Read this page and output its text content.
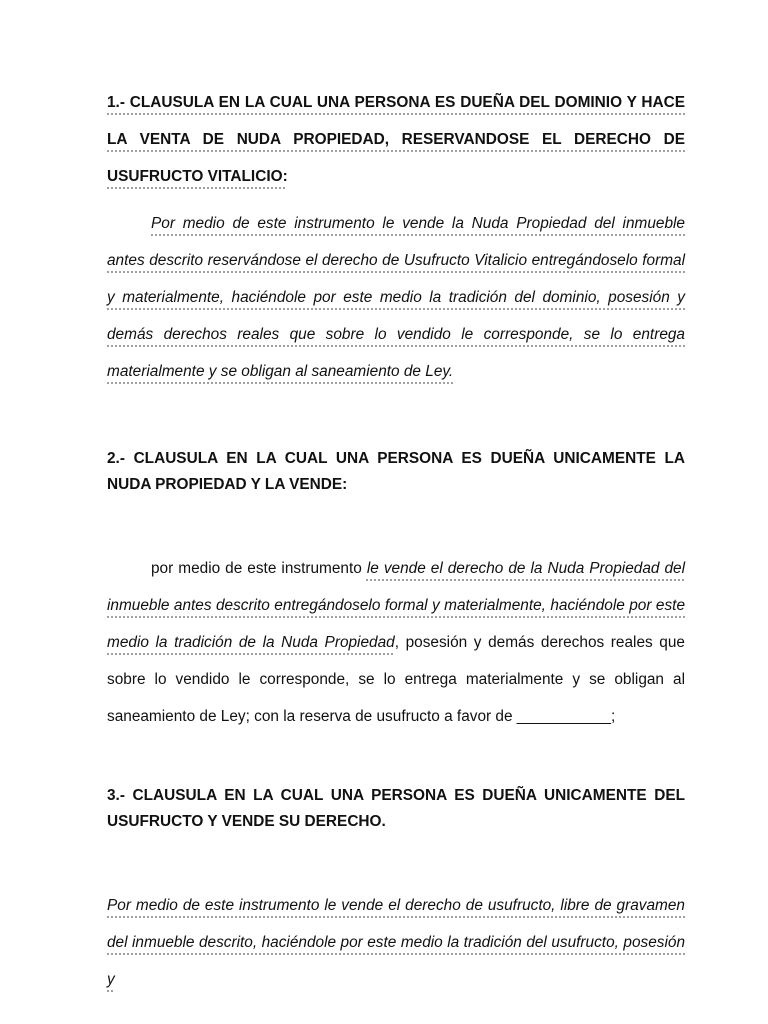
1.- CLAUSULA EN LA CUAL UNA PERSONA ES DUEÑA DEL DOMINIO Y HACE LA VENTA DE NUDA PROPIEDAD, RESERVANDOSE EL DERECHO DE USUFRUCTO VITALICIO:

Por medio de este instrumento le vende la Nuda Propiedad del inmueble antes descrito reservándose el derecho de Usufructo Vitalicio entregándoselo formal y materialmente, haciéndole por este medio la tradición del dominio, posesión y demás derechos reales que sobre lo vendido le corresponde, se lo entrega materialmente y se obligan al saneamiento de Ley.

2.- CLAUSULA EN LA CUAL UNA PERSONA ES DUEÑA UNICAMENTE LA NUDA PROPIEDAD Y LA VENDE:

por medio de este instrumento le vende el derecho de la Nuda Propiedad del inmueble antes descrito entregándoselo formal y materialmente, haciéndole por este medio la tradición de la Nuda Propiedad, posesión y demás derechos reales que sobre lo vendido le corresponde, se lo entrega materialmente y se obligan al saneamiento de Ley; con la reserva de usufructo a favor de ___________;

3.- CLAUSULA EN LA CUAL UNA PERSONA ES DUEÑA UNICAMENTE DEL USUFRUCTO Y VENDE SU DERECHO.

Por medio de este instrumento le vende el derecho de usufructo, libre de gravamen del inmueble descrito, haciéndole por este medio la tradición del usufructo, posesión y
